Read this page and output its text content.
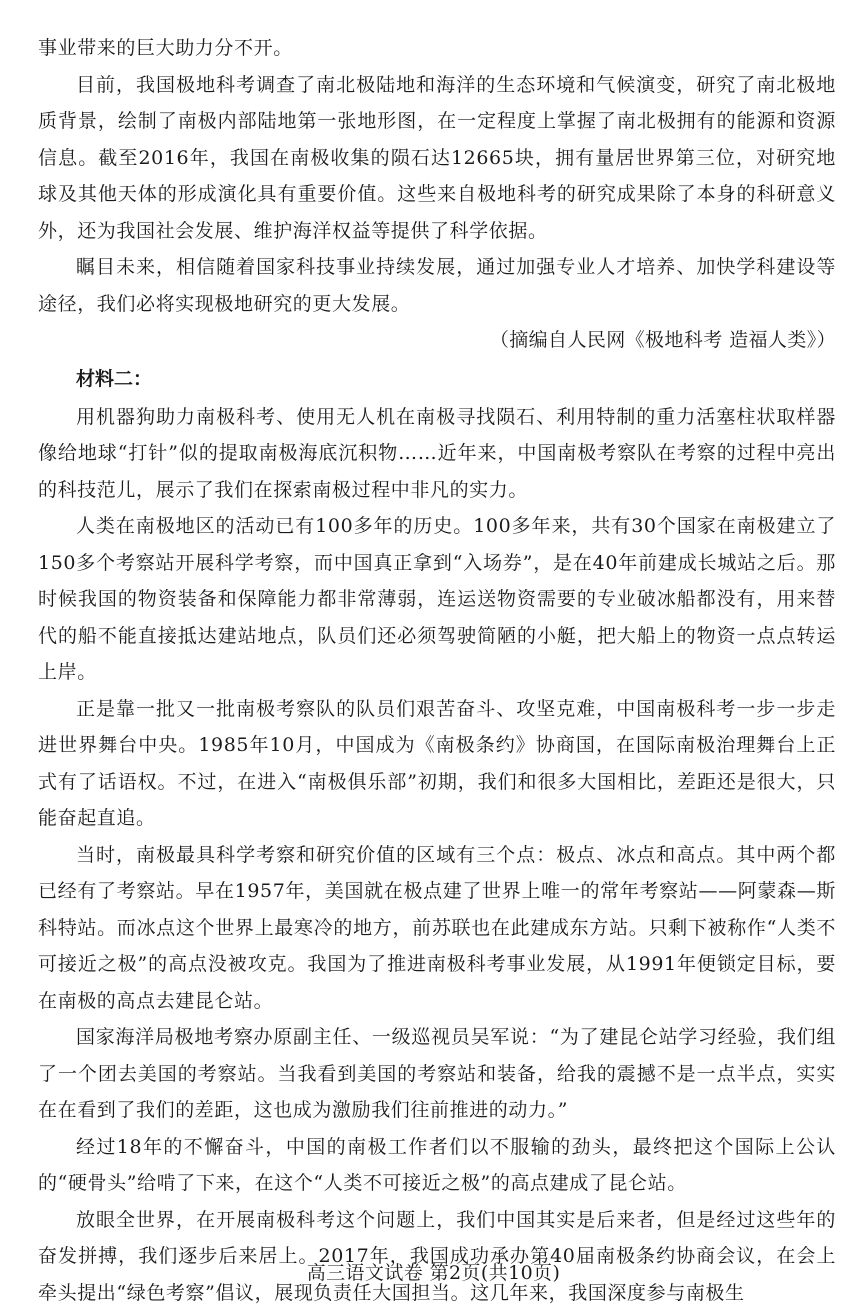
事业带来的巨大助力分不开。

目前，我国极地科考调查了南北极陆地和海洋的生态环境和气候演变，研究了南北极地质背景，绘制了南极内部陆地第一张地形图，在一定程度上掌握了南北极拥有的能源和资源信息。截至2016年，我国在南极收集的陨石达12665块，拥有量居世界第三位，对研究地球及其他天体的形成演化具有重要价值。这些来自极地科考的研究成果除了本身的科研意义外，还为我国社会发展、维护海洋权益等提供了科学依据。

瞩目未来，相信随着国家科技事业持续发展，通过加强专业人才培养、加快学科建设等途径，我们必将实现极地研究的更大发展。

（摘编自人民网《极地科考 造福人类》）

材料二：

用机器狗助力南极科考、使用无人机在南极寻找陨石、利用特制的重力活塞柱状取样器像给地球“打针”似的提取南极海底沉积物……近年来，中国南极考察队在考察的过程中亮出的科技范儿，展示了我们在探索南极过程中非凡的实力。

人类在南极地区的活动已有100多年的历史。100多年来，共有30个国家在南极建立了150多个考察站开展科学考察，而中国真正拿到“入场券”，是在40年前建成长城站之后。那时候我国的物资装备和保障能力都非常薄弱，连运送物资需要的专业破冰船都没有，用来替代的船不能直接抵达建站地点，队员们还必须驾驶简陋的小艇，把大船上的物资一点点转运上岸。

正是靠一批又一批南极考察队的队员们艰苦奋斗、攻坚克难，中国南极科考一步一步走进世界舞台中央。1985年10月，中国成为《南极条约》协商国，在国际南极治理舞台上正式有了话语权。不过，在进入“南极俱乐部”初期，我们和很多大国相比，差距还是很大，只能奋起直追。

当时，南极最具科学考察和研究价值的区域有三个点：极点、冰点和高点。其中两个都已经有了考察站。早在1957年，美国就在极点建了世界上唯一的常年考察站——阿蒙森—斯科特站。而冰点这个世界上最寒冷的地方，前苏联也在此建成东方站。只剩下被称作“人类不可接近之极”的高点没被攻克。我国为了推进南极科考事业发展，从1991年便锁定目标，要在南极的高点去建昆仑站。

国家海洋局极地考察办原副主任、一级巡视员吴军说：“为了建昆仑站学习经验，我们组了一个团去美国的考察站。当我看到美国的考察站和装备，给我的震撼不是一点半点，实实在在看到了我们的差距，这也成为激励我们往前推进的动力。”

经过18年的不懈奋斗，中国的南极工作者们以不服输的劲头，最终把这个国际上公认的“硬骨头”给啃了下来，在这个“人类不可接近之极”的高点建成了昆仑站。

放眼全世界，在开展南极科考这个问题上，我们中国其实是后来者，但是经过这些年的奋发拼搏，我们逐步后来居上。2017年，我国成功承办第40届南极条约协商会议，在会上牵头提出“绿色考察”倡议，展现负责任大国担当。这几年来，我国深度参与南极生

高三语文试卷 第2页(共10页)
